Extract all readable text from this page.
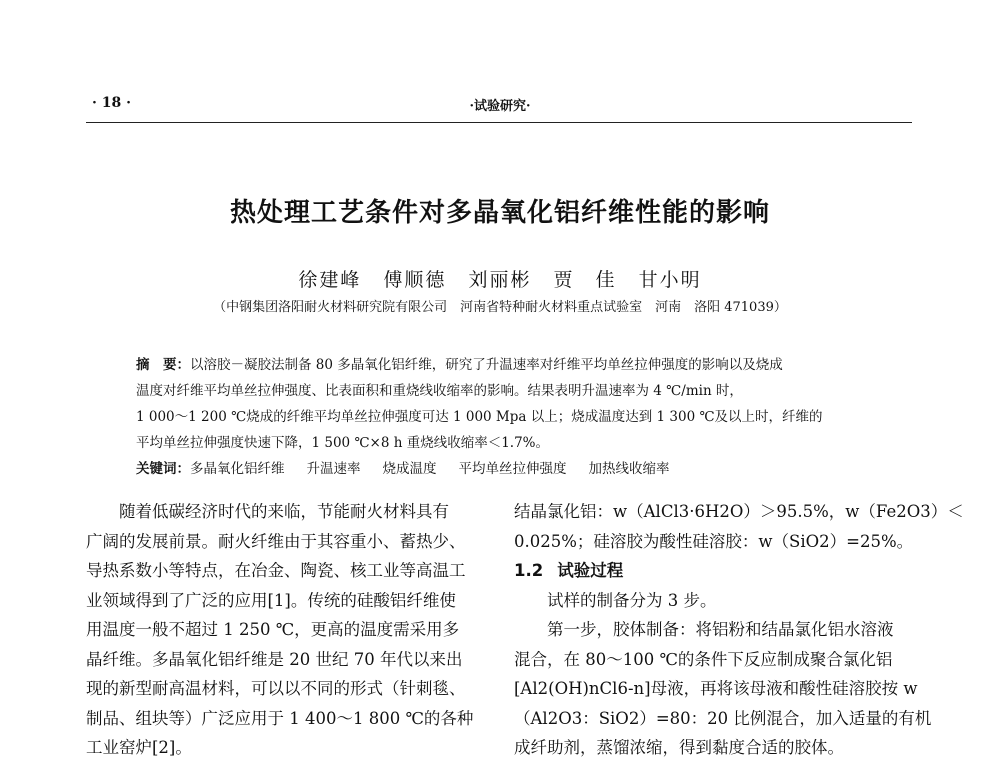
· 18 ·	·试验研究·
热处理工艺条件对多晶氧化铝纤维性能的影响
徐建峰 傅顺德 刘丽彬 贾　佳 甘小明
（中钢集团洛阳耐火材料研究院有限公司　河南省特种耐火材料重点试验室　河南　洛阳 471039）
摘　要：以溶胶－凝胶法制备 80 多晶氧化铝纤维，研究了升温速率对纤维平均单丝拉伸强度的影响以及烧成
温度对纤维平均单丝拉伸强度、比表面积和重烧线收缩率的影响。结果表明升温速率为 4 ℃/min 时，
1 000～1 200 ℃烧成的纤维平均单丝拉伸强度可达 1 000 Mpa 以上；烧成温度达到 1 300 ℃及以上时，纤维的
平均单丝拉伸强度快速下降，1 500 ℃×8 h 重烧线收缩率＜1.7%。
关键词：多晶氧化铝纤维 升温速率 烧成温度 平均单丝拉伸强度 加热线收缩率
随着低碳经济时代的来临，节能耐火材料具有
广阔的发展前景。耐火纤维由于其容重小、蓄热少、
导热系数小等特点，在冶金、陶瓷、核工业等高温工
业领域得到了广泛的应用[1]。传统的硅酸铝纤维使
用温度一般不超过 1 250 ℃，更高的温度需采用多
晶纤维。多晶氧化铝纤维是 20 世纪 70 年代以来出
现的新型耐高温材料，可以以不同的形式（针刺毯、
制品、组块等）广泛应用于 1 400～1 800 ℃的各种
工业窑炉[2]。
结晶氯化铝：w（AlCl3·6H2O）＞95.5%，w（Fe2O3）＜
0.025%；硅溶胶为酸性硅溶胶：w（SiO2）=25%。
1.2 试验过程
试样的制备分为 3 步。
第一步，胶体制备：将铝粉和结晶氯化铝水溶液
混合，在 80～100 ℃的条件下反应制成聚合氯化铝
[Al2(OH)nCl6-n]母液，再将该母液和酸性硅溶胶按 w
（Al2O3：SiO2）=80：20 比例混合，加入适量的有机
成纤助剂，蒸馏浓缩，得到黏度合适的胶体。
